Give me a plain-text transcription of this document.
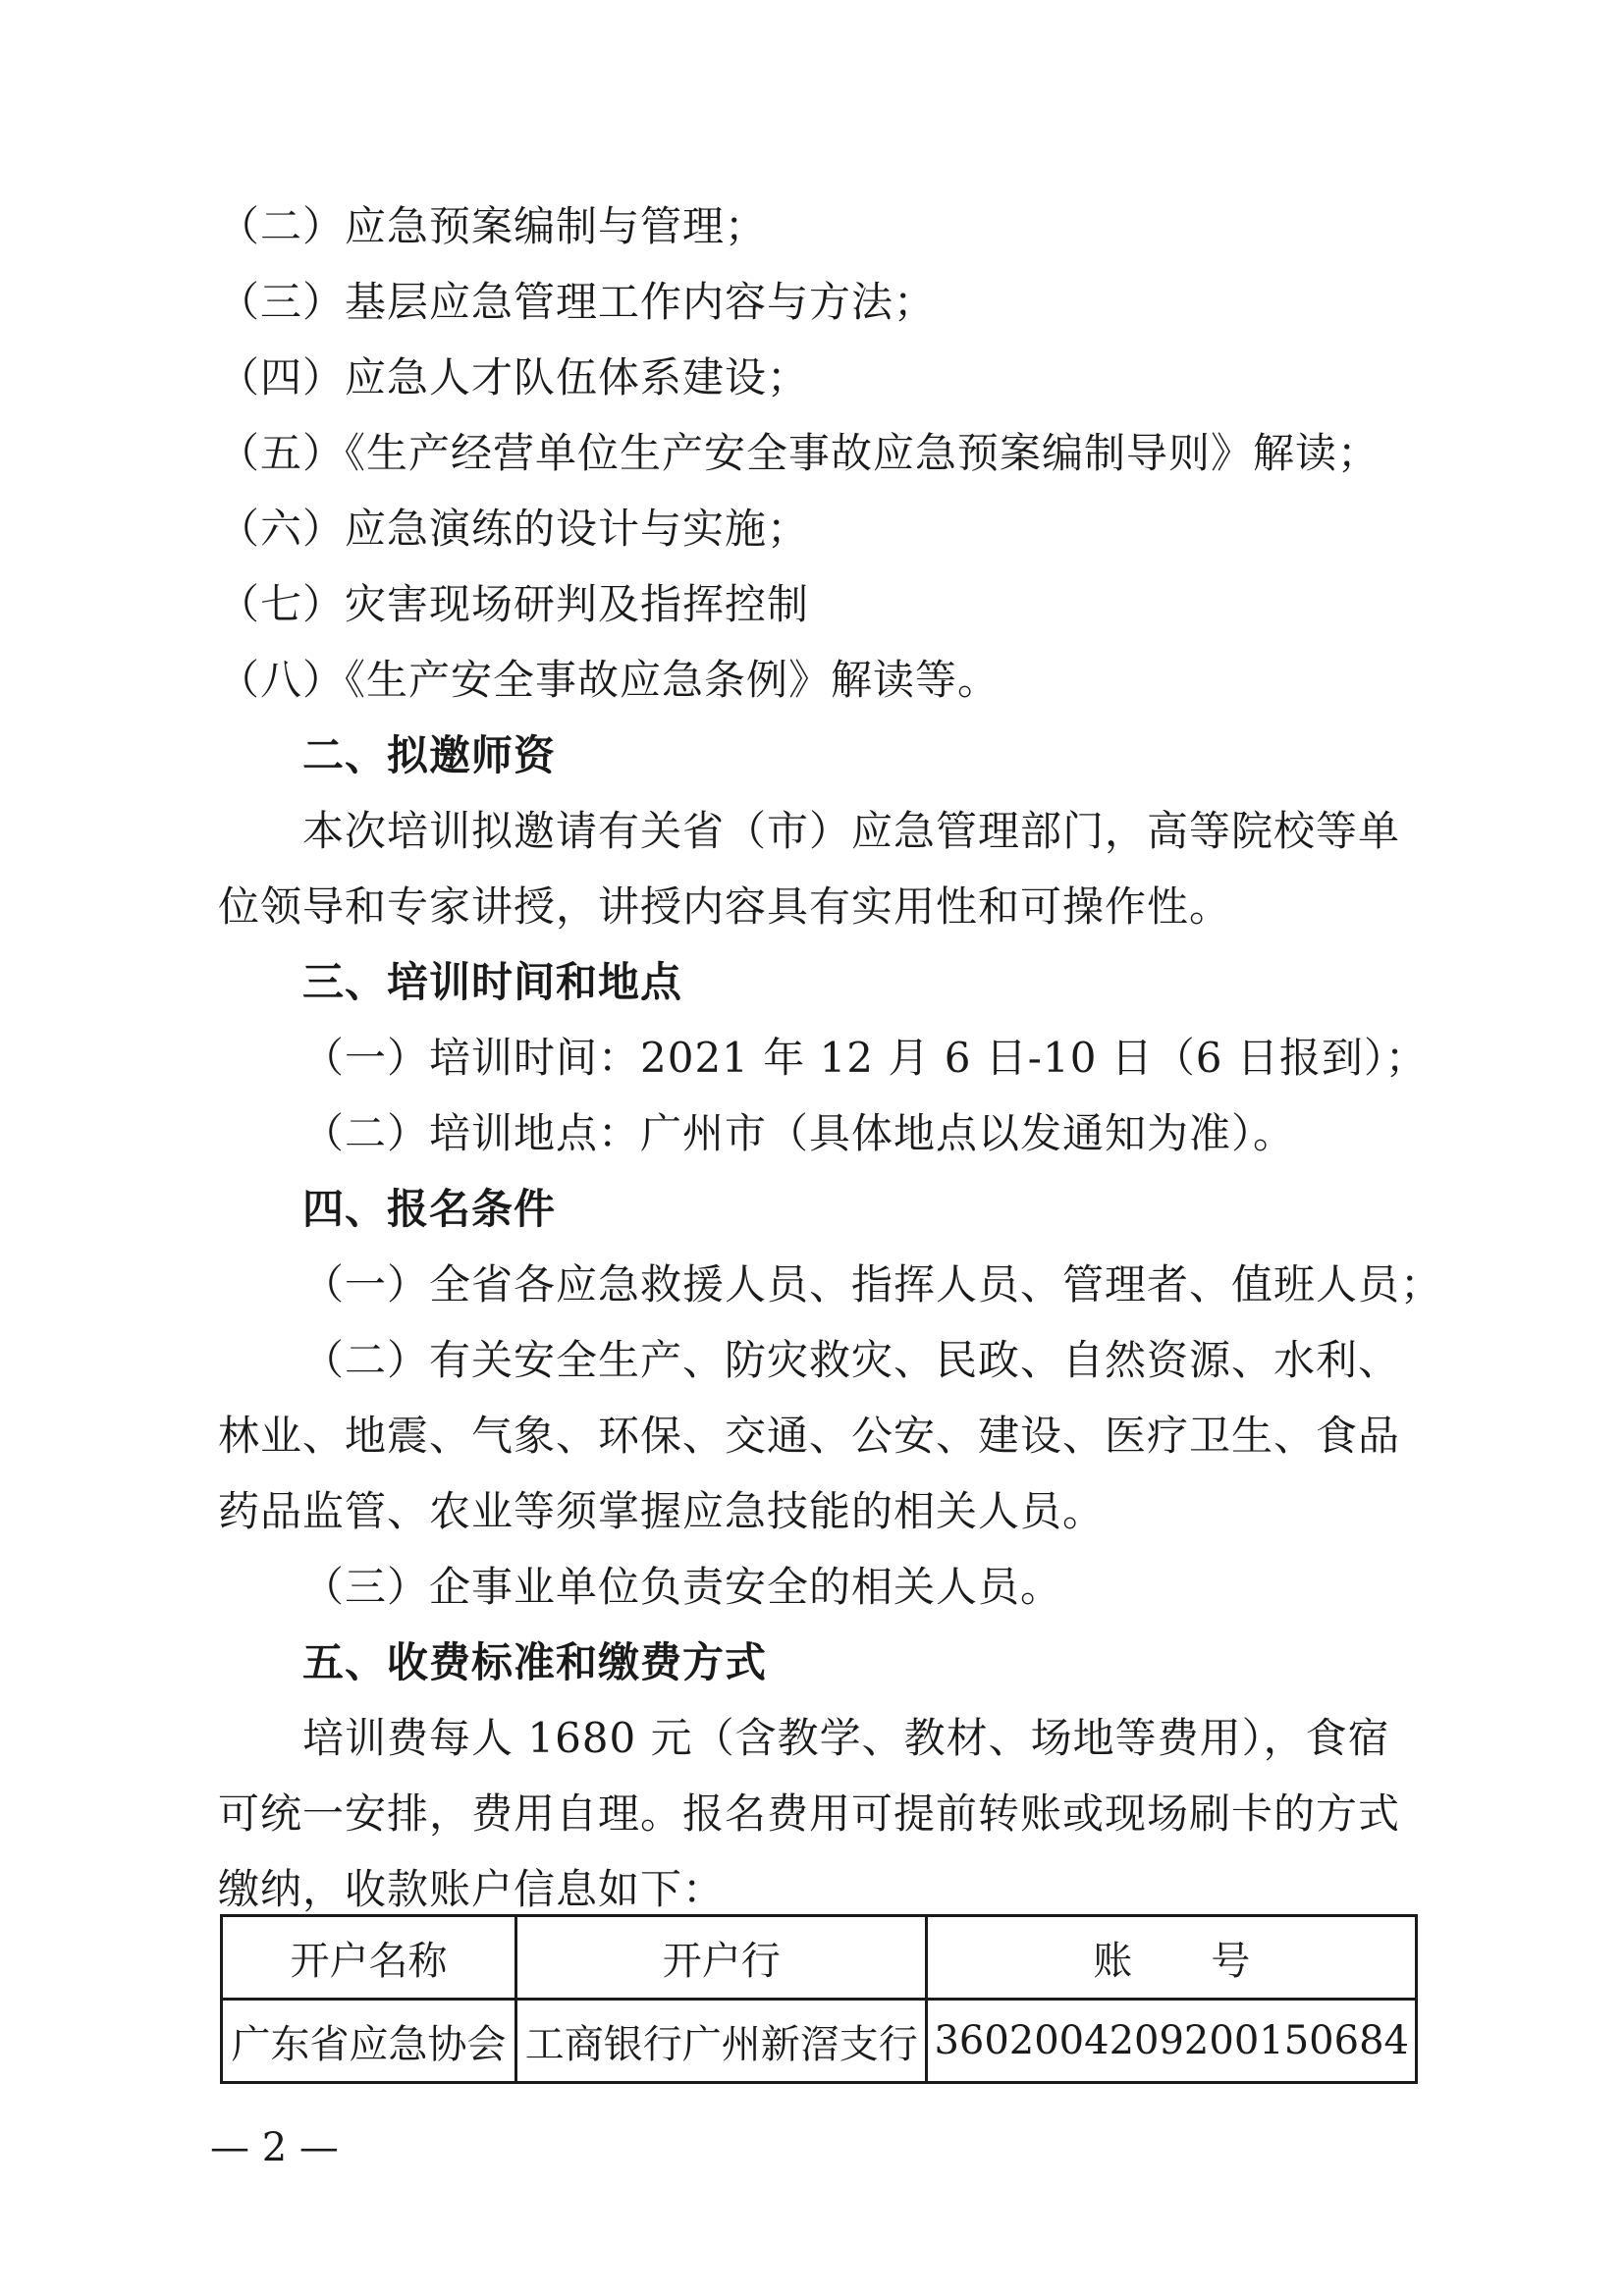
（二）应急预案编制与管理；
（三）基层应急管理工作内容与方法；
（四）应急人才队伍体系建设；
（五）《生产经营单位生产安全事故应急预案编制导则》解读；
（六）应急演练的设计与实施；
（七）灾害现场研判及指挥控制
（八）《生产安全事故应急条例》解读等。
二、拟邀师资
本次培训拟邀请有关省（市）应急管理部门，高等院校等单
位领导和专家讲授，讲授内容具有实用性和可操作性。
三、培训时间和地点
（一）培训时间：2021 年 12 月 6 日-10 日（6 日报到）；
（二）培训地点：广州市（具体地点以发通知为准）。
四、报名条件
（一）全省各应急救援人员、指挥人员、管理者、值班人员；
（二）有关安全生产、防灾救灾、民政、自然资源、水利、
林业、地震、气象、环保、交通、公安、建设、医疗卫生、食品
药品监管、农业等须掌握应急技能的相关人员。
（三）企事业单位负责安全的相关人员。
五、收费标准和缴费方式
培训费每人 1680 元（含教学、教材、场地等费用），食宿
可统一安排，费用自理。报名费用可提前转账或现场刷卡的方式
缴纳，收款账户信息如下：
开户名称	开户行	账　　号
广东省应急协会	工商银行广州新滘支行	3602004209200150684
— 2 —
